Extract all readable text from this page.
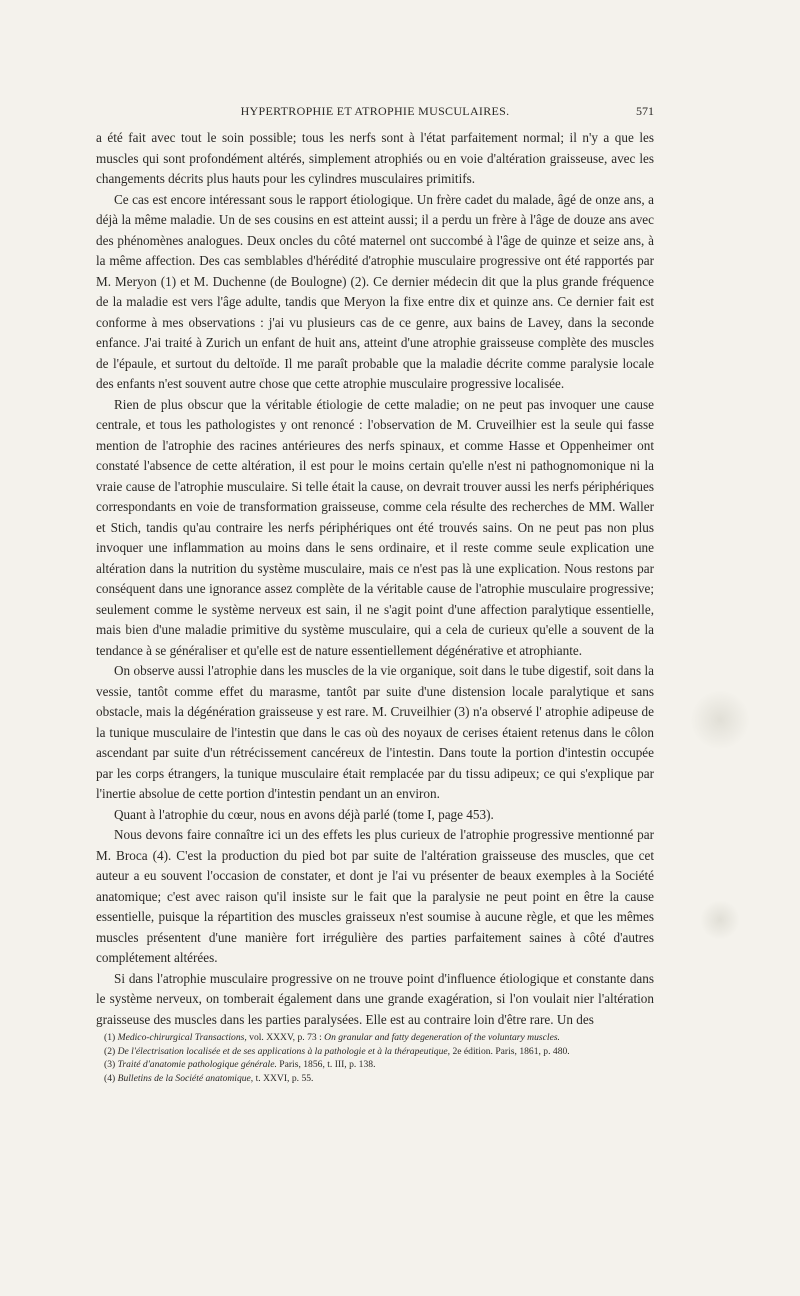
HYPERTROPHIE ET ATROPHIE MUSCULAIRES.	571

a été fait avec tout le soin possible; tous les nerfs sont à l'état parfaitement normal; il n'y a que les muscles qui sont profondément altérés, simplement atrophiés ou en voie d'altération graisseuse, avec les changements décrits plus hauts pour les cylindres musculaires primitifs.

Ce cas est encore intéressant sous le rapport étiologique. Un frère cadet du malade, âgé de onze ans, a déjà la même maladie. Un de ses cousins en est atteint aussi; il a perdu un frère à l'âge de douze ans avec des phénomènes analogues. Deux oncles du côté maternel ont succombé à l'âge de quinze et seize ans, à la même affection. Des cas semblables d'hérédité d'atrophie musculaire progressive ont été rapportés par M. Meryon (1) et M. Duchenne (de Boulogne) (2). Ce dernier médecin dit que la plus grande fréquence de la maladie est vers l'âge adulte, tandis que Meryon la fixe entre dix et quinze ans. Ce dernier fait est conforme à mes observations : j'ai vu plusieurs cas de ce genre, aux bains de Lavey, dans la seconde enfance. J'ai traité à Zurich un enfant de huit ans, atteint d'une atrophie graisseuse complète des muscles de l'épaule, et surtout du deltoïde. Il me paraît probable que la maladie décrite comme paralysie locale des enfants n'est souvent autre chose que cette atrophie musculaire progressive localisée.

Rien de plus obscur que la véritable étiologie de cette maladie; on ne peut pas invoquer une cause centrale, et tous les pathologistes y ont renoncé : l'observation de M. Cruveilhier est la seule qui fasse mention de l'atrophie des racines antérieures des nerfs spinaux, et comme Hasse et Oppenheimer ont constaté l'absence de cette altération, il est pour le moins certain qu'elle n'est ni pathognomonique ni la vraie cause de l'atrophie musculaire. Si telle était la cause, on devrait trouver aussi les nerfs périphériques correspondants en voie de transformation graisseuse, comme cela résulte des recherches de MM. Waller et Stich, tandis qu'au contraire les nerfs périphériques ont été trouvés sains. On ne peut pas non plus invoquer une inflammation au moins dans le sens ordinaire, et il reste comme seule explication une altération dans la nutrition du système musculaire, mais ce n'est pas là une explication. Nous restons par conséquent dans une ignorance assez complète de la véritable cause de l'atrophie musculaire progressive; seulement comme le système nerveux est sain, il ne s'agit point d'une affection paralytique essentielle, mais bien d'une maladie primitive du système musculaire, qui a cela de curieux qu'elle a souvent de la tendance à se généraliser et qu'elle est de nature essentiellement dégénérative et atrophiante.

On observe aussi l'atrophie dans les muscles de la vie organique, soit dans le tube digestif, soit dans la vessie, tantôt comme effet du marasme, tantôt par suite d'une distension locale paralytique et sans obstacle, mais la dégénération graisseuse y est rare. M. Cruveilhier (3) n'a observé l' atrophie adipeuse de la tunique musculaire de l'intestin que dans le cas où des noyaux de cerises étaient retenus dans le côlon ascendant par suite d'un rétrécissement cancéreux de l'intestin. Dans toute la portion d'intestin occupée par les corps étrangers, la tunique musculaire était remplacée par du tissu adipeux; ce qui s'explique par l'inertie absolue de cette portion d'intestin pendant un an environ.

Quant à l'atrophie du cœur, nous en avons déjà parlé (tome I, page 453).

Nous devons faire connaître ici un des effets les plus curieux de l'atrophie progressive mentionné par M. Broca (4). C'est la production du pied bot par suite de l'altération graisseuse des muscles, que cet auteur a eu souvent l'occasion de constater, et dont je l'ai vu présenter de beaux exemples à la Société anatomique; c'est avec raison qu'il insiste sur le fait que la paralysie ne peut point en être la cause essentielle, puisque la répartition des muscles graisseux n'est soumise à aucune règle, et que les mêmes muscles présentent d'une manière fort irrégulière des parties parfaitement saines à côté d'autres complétement altérées.

Si dans l'atrophie musculaire progressive on ne trouve point d'influence étiologique et constante dans le système nerveux, on tomberait également dans une grande exagération, si l'on voulait nier l'altération graisseuse des muscles dans les parties paralysées. Elle est au contraire loin d'être rare. Un des

(1) Medico-chirurgical Transactions, vol. XXXV, p. 73 : On granular and fatty degeneration of the voluntary muscles.

(2) De l'électrisation localisée et de ses applications à la pathologie et à la thérapeutique, 2e édition. Paris, 1861, p. 480.

(3) Traité d'anatomie pathologique générale. Paris, 1856, t. III, p. 138.

(4) Bulletins de la Société anatomique, t. XXVI, p. 55.
